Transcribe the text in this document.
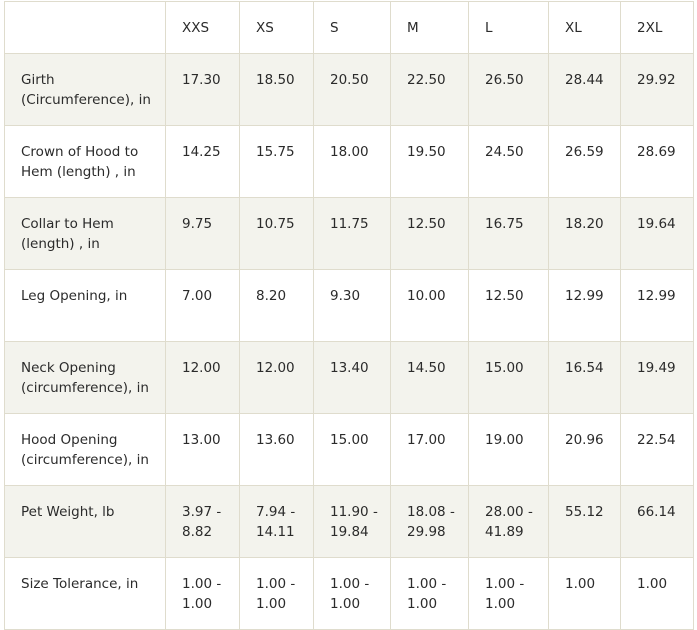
	XXS	XS	S	M	L	XL	2XL
Girth (Circumference), in	17.30	18.50	20.50	22.50	26.50	28.44	29.92
Crown of Hood to Hem (length) , in	14.25	15.75	18.00	19.50	24.50	26.59	28.69
Collar to Hem (length) , in	9.75	10.75	11.75	12.50	16.75	18.20	19.64
Leg Opening, in	7.00	8.20	9.30	10.00	12.50	12.99	12.99
Neck Opening (circumference), in	12.00	12.00	13.40	14.50	15.00	16.54	19.49
Hood Opening (circumference), in	13.00	13.60	15.00	17.00	19.00	20.96	22.54
Pet Weight, lb	3.97 - 8.82	7.94 - 14.11	11.90 - 19.84	18.08 - 29.98	28.00 - 41.89	55.12	66.14
Size Tolerance, in	1.00 - 1.00	1.00 - 1.00	1.00 - 1.00	1.00 - 1.00	1.00 - 1.00	1.00	1.00
